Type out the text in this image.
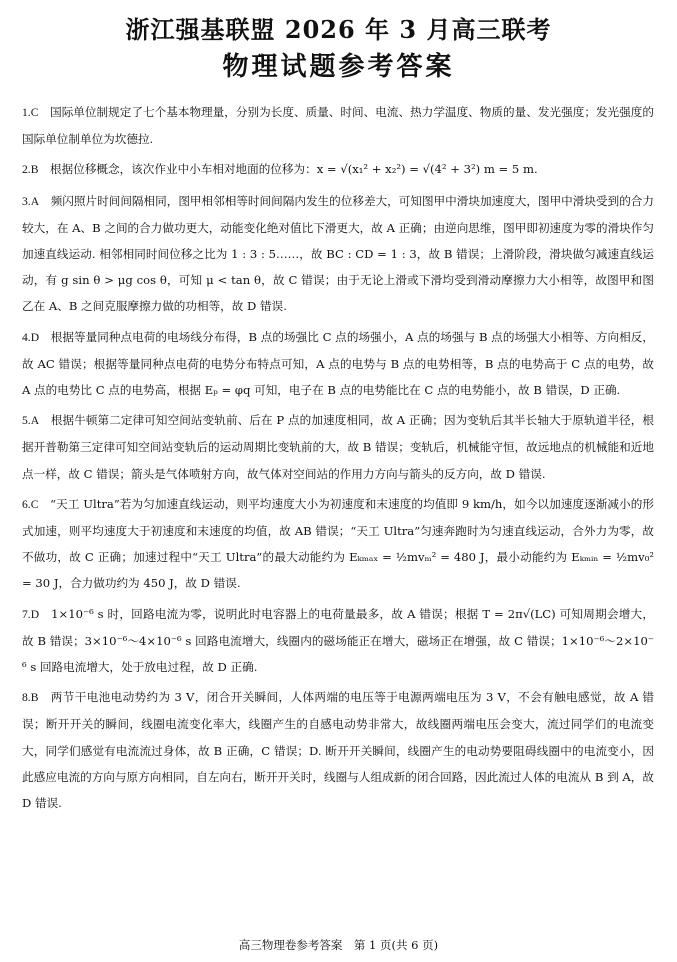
浙江强基联盟 2026 年 3 月高三联考
物理试题参考答案
1.C　 国际单位制规定了七个基本物理量，分别为长度、质量、时间、电流、热力学温度、物质的量、发光强度；发光强度的国际单位制单位为坎德拉.
2.B　 根据位移概念，该次作业中小车相对地面的位移为：x = √(x₁² + x₂²) = √(4² + 3²) m = 5 m.
3.A　 频闪照片时间间隔相同，图甲相邻相等时间间隔内发生的位移差大，可知图甲中滑块加速度大，图甲中滑块受到的合力较大，在 A、B 之间的合力做功更大，动能变化绝对值比下滑更大，故 A 正确；由逆向思维，图甲即初速度为零的滑块作匀加速直线运动. 相邻相同时间位移之比为 1 : 3 : 5……，故 BC : CD = 1 : 3，故 B 错误；上滑阶段，滑块做匀减速直线运动，有 g sin θ > μg cos θ，可知 μ < tan θ，故 C 错误；由于无论上滑或下滑均受到滑动摩擦力大小相等，故图甲和图乙在 A、B 之间克服摩擦力做的功相等，故 D 错误.
4.D　 根据等量同种点电荷的电场线分布得，B 点的场强比 C 点的场强小，A 点的场强与 B 点的场强大小相等、方向相反，故 AC 错误；根据等量同种点电荷的电势分布特点可知，A 点的电势与 B 点的电势相等，B 点的电势高于 C 点的电势，故 A 点的电势比 C 点的电势高，根据 Eₚ = φq 可知，电子在 B 点的电势能比在 C 点的电势能小，故 B 错误，D 正确.
5.A　 根据牛顿第二定律可知空间站变轨前、后在 P 点的加速度相同，故 A 正确；因为变轨后其半长轴大于原轨道半径，根据开普勒第三定律可知空间站变轨后的运动周期比变轨前的大，故 B 错误；变轨后，机械能守恒，故远地点的机械能和近地点一样，故 C 错误；箭头是气体喷射方向，故气体对空间站的作用力方向与箭头的反方向，故 D 错误.
6.C　 “天工 Ultra”若为匀加速直线运动，则平均速度大小为初速度和末速度的均值即 9 km/h，如今以加速度逐渐减小的形式加速，则平均速度大于初速度和末速度的均值，故 AB 错误；“天工 Ultra”匀速奔跑时为匀速直线运动，合外力为零，故不做功，故 C 正确；加速过程中“天工 Ultra”的最大动能约为 Eₖₘₐₓ = ½mvₘ² = 480 J，最小动能约为 Eₖₘᵢₙ = ½mv₀² = 30 J，合力做功约为 450 J，故 D 错误.
7.D　 1×10⁻⁶ s 时，回路电流为零，说明此时电容器上的电荷量最多，故 A 错误；根据 T = 2π√(LC) 可知周期会增大，故 B 错误；3×10⁻⁶～4×10⁻⁶ s 回路电流增大，线圈内的磁场能正在增大，磁场正在增强，故 C 错误；1×10⁻⁶～2×10⁻⁶ s 回路电流增大，处于放电过程，故 D 正确.
8.B　 两节干电池电动势约为 3 V，闭合开关瞬间，人体两端的电压等于电源两端电压为 3 V，不会有触电感觉，故 A 错误；断开开关的瞬间，线圈电流变化率大，线圈产生的自感电动势非常大，故线圈两端电压会变大，流过同学们的电流变大，同学们感觉有电流流过身体，故 B 正确，C 错误；D. 断开开关瞬间，线圈产生的电动势要阻碍线圈中的电流变小，因此感应电流的方向与原方向相同，自左向右，断开开关时，线圈与人组成新的闭合回路，因此流过人体的电流从 B 到 A，故 D 错误.
高三物理卷参考答案　第 1 页(共 6 页)
